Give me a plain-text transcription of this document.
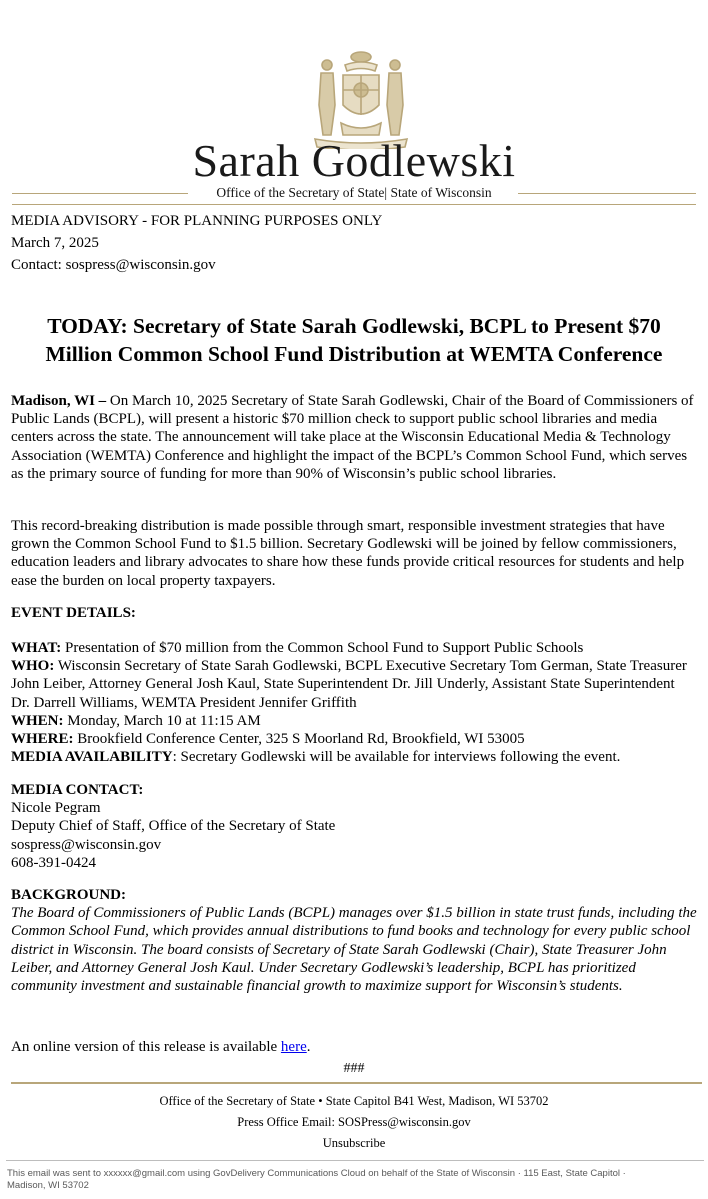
Sarah Godlewski
Office of the Secretary of State| State of Wisconsin
MEDIA ADVISORY - FOR PLANNING PURPOSES ONLY
March 7, 2025
Contact: sospress@wisconsin.gov
TODAY: Secretary of State Sarah Godlewski, BCPL to Present $70
Million Common School Fund Distribution at WEMTA Conference

Madison, WI – On March 10, 2025 Secretary of State Sarah Godlewski, Chair of the Board of Commissioners of Public Lands (BCPL), will present a historic $70 million check to support public school libraries and media centers across the state. The announcement will take place at the Wisconsin Educational Media & Technology Association (WEMTA) Conference and highlight the impact of the BCPL’s Common School Fund, which serves as the primary source of funding for more than 90% of Wisconsin’s public school libraries.

This record-breaking distribution is made possible through smart, responsible investment strategies that have grown the Common School Fund to $1.5 billion. Secretary Godlewski will be joined by fellow commissioners, education leaders and library advocates to share how these funds provide critical resources for students and help ease the burden on local property taxpayers.

EVENT DETAILS:

WHAT: Presentation of $70 million from the Common School Fund to Support Public Schools
WHO: Wisconsin Secretary of State Sarah Godlewski, BCPL Executive Secretary Tom German, State Treasurer John Leiber, Attorney General Josh Kaul, State Superintendent Dr. Jill Underly, Assistant State Superintendent Dr. Darrell Williams, WEMTA President Jennifer Griffith
WHEN: Monday, March 10 at 11:15 AM
WHERE: Brookfield Conference Center, 325 S Moorland Rd, Brookfield, WI 53005
MEDIA AVAILABILITY: Secretary Godlewski will be available for interviews following the event.
MEDIA CONTACT:
Nicole Pegram
Deputy Chief of Staff, Office of the Secretary of State
sospress@wisconsin.gov
608-391-0424
BACKGROUND:
The Board of Commissioners of Public Lands (BCPL) manages over $1.5 billion in state trust funds, including the Common School Fund, which provides annual distributions to fund books and technology for every public school district in Wisconsin. The board consists of Secretary of State Sarah Godlewski (Chair), State Treasurer John Leiber, and Attorney General Josh Kaul. Under Secretary Godlewski’s leadership, BCPL has prioritized community investment and sustainable financial growth to maximize support for Wisconsin’s students.

An online version of this release is available here.

###
Office of the Secretary of State • State Capitol B41 West, Madison, WI 53702
Press Office Email: SOSPress@wisconsin.gov
Unsubscribe
This email was sent to xxxxxx@gmail.com using GovDelivery Communications Cloud on behalf of the State of Wisconsin · 115 East, State Capitol · Madison, WI 53702
